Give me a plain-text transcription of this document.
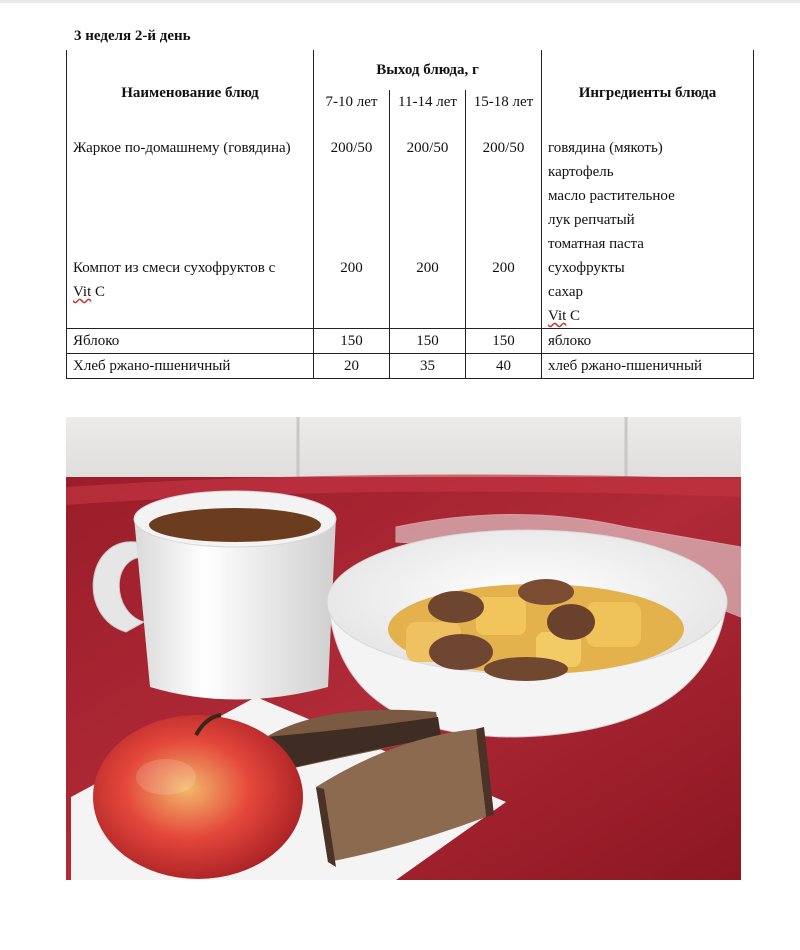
3 неделя 2-й день
Наименование блюд	Выход блюда, г			Ингредиенты блюда
	7-10 лет	11-14 лет	15-18 лет	
Жаркое по-домашнему (говядина)	200/50	200/50	200/50	говядина (мякоть)
				картофель
				масло растительное
				лук репчатый
				томатная паста
Компот из смеси сухофруктов с
Vit C	200	200	200	сухофрукты
				сахар
				Vit C
Яблоко	150	150	150	яблоко
Хлеб ржано-пшеничный	20	35	40	хлеб ржано-пшеничный
